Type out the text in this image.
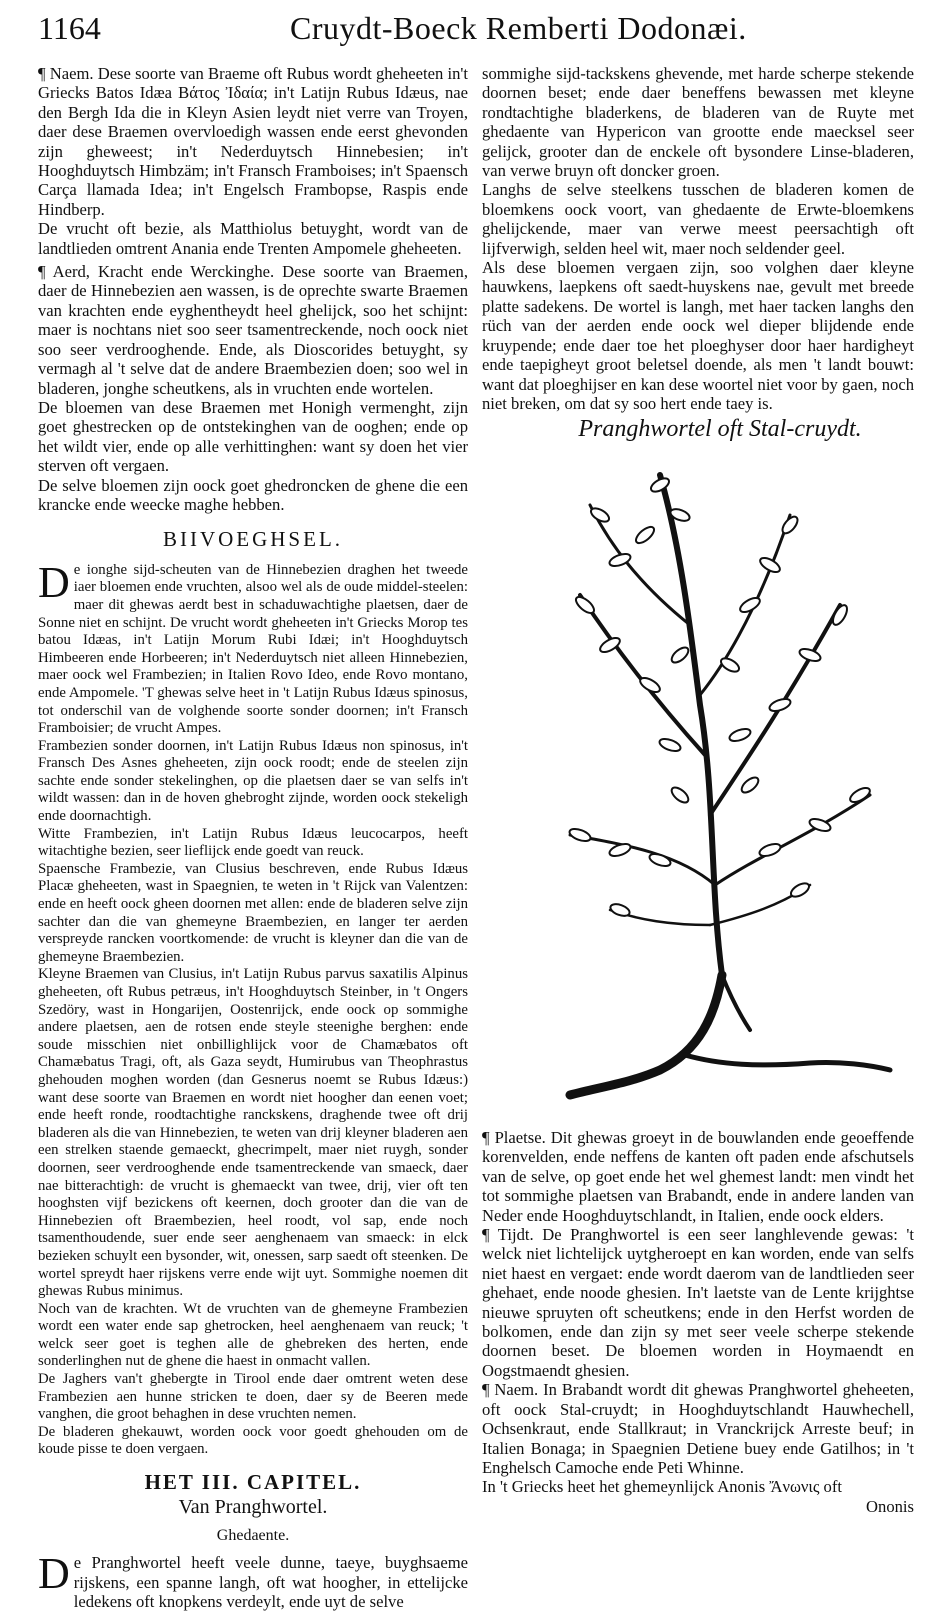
1164	Cruydt-Boeck Remberti Dodonæi.

¶ Naem. Dese soorte van Braeme oft Rubus wordt gheheeten in't Griecks Batos Idæa Βάτος Ἰδαία; in't Latijn Rubus Idæus, nae den Bergh Ida die in Kleyn Asien leydt niet verre van Troyen, daer dese Braemen overvloedigh wassen ende eerst ghevonden zijn gheweest; in't Nederduytsch Hinnebesien; in't Hooghduytsch Himbzäm; in't Fransch Framboises; in't Spaensch Carça llamada Idea; in't Engelsch Frambopse, Raspis ende Hindberp.

De vrucht oft bezie, als Matthiolus betuyght, wordt van de landtlieden omtrent Anania ende Trenten Ampomele gheheeten.

¶ Aerd, Kracht ende Werckinghe. Dese soorte van Braemen, daer de Hinnebezien aen wassen, is de oprechte swarte Braemen van krachten ende eyghentheydt heel ghelijck, soo het schijnt: maer is nochtans niet soo seer tsamentreckende, noch oock niet soo seer verdrooghende. Ende, als Dioscorides betuyght, sy vermagh al 't selve dat de andere Braembezien doen; soo wel in bladeren, jonghe scheutkens, als in vruchten ende wortelen.

De bloemen van dese Braemen met Honigh vermenght, zijn goet ghestrecken op de ontstekinghen van de ooghen; ende op het wildt vier, ende op alle verhittinghen: want sy doen het vier sterven oft vergaen.

De selve bloemen zijn oock goet ghedroncken de ghene die een krancke ende weecke maghe hebben.

BIIVOEGHSEL.

De ionghe sijd-scheuten van de Hinnebezien draghen het tweede iaer bloemen ende vruchten, alsoo wel als de oude middel-steelen: maer dit ghewas aerdt best in schaduwachtighe plaetsen, daer de Sonne niet en schijnt. De vrucht wordt gheheeten in't Griecks Morop tes batou Idæas, in't Latijn Morum Rubi Idæi; in't Hooghduytsch Himbeeren ende Horbeeren; in't Nederduytsch niet alleen Hinnebezien, maer oock wel Frambezien; in Italien Rovo Ideo, ende Rovo montano, ende Ampomele. 'T ghewas selve heet in 't Latijn Rubus Idæus spinosus, tot onderschil van de volghende soorte sonder doornen; in't Fransch Framboisier; de vrucht Ampes.

Frambezien sonder doornen, in't Latijn Rubus Idæus non spinosus, in't Fransch Des Asnes gheheeten, zijn oock roodt; ende de steelen zijn sachte ende sonder stekelinghen, op die plaetsen daer se van selfs in't wildt wassen: dan in de hoven ghebroght zijnde, worden oock stekeligh ende doornachtigh.

Witte Frambezien, in't Latijn Rubus Idæus leucocarpos, heeft witachtighe bezien, seer lieflijck ende goedt van reuck.

Spaensche Frambezie, van Clusius beschreven, ende Rubus Idæus Placæ gheheeten, wast in Spaegnien, te weten in 't Rijck van Valentzen: ende en heeft oock gheen doornen met allen: ende de bladeren selve zijn sachter dan die van ghemeyne Braembezien, en langer ter aerden verspreyde rancken voortkomende: de vrucht is kleyner dan die van de ghemeyne Braembezien.

Kleyne Braemen van Clusius, in't Latijn Rubus parvus saxatilis Alpinus gheheeten, oft Rubus petræus, in't Hooghduytsch Steinber, in 't Ongers Szedöry, wast in Hongarijen, Oostenrijck, ende oock op sommighe andere plaetsen, aen de rotsen ende steyle steenighe berghen: ende soude misschien niet onbillighlijck voor de Chamæbatos oft Chamæbatus Tragi, oft, als Gaza seydt, Humirubus van Theophrastus ghehouden moghen worden (dan Gesnerus noemt se Rubus Idæus:) want dese soorte van Braemen en wordt niet hoogher dan eenen voet; ende heeft ronde, roodtachtighe ranckskens, draghende twee oft drij bladeren als die van Hinnebezien, te weten van drij kleyner bladeren aen een strelken staende gemaeckt, ghecrimpelt, maer niet ruygh, sonder doornen, seer verdrooghende ende tsamentreckende van smaeck, daer nae bitterachtigh: de vrucht is ghemaeckt van twee, drij, vier oft ten hooghsten vijf bezickens oft keernen, doch grooter dan die van de Hinnebezien oft Braembezien, heel roodt, vol sap, ende noch tsamenthoudende, suer ende seer aenghenaem van smaeck: in elck bezieken schuylt een bysonder, wit, onessen, sarp saedt oft steenken. De wortel spreydt haer rijskens verre ende wijt uyt. Sommighe noemen dit ghewas Rubus minimus.

Noch van de krachten. Wt de vruchten van de ghemeyne Frambezien wordt een water ende sap ghetrocken, heel aenghenaem van reuck; 't welck seer goet is teghen alle de ghebreken des herten, ende sonderlinghen nut de ghene die haest in onmacht vallen.

De Jaghers van't ghebergte in Tirool ende daer omtrent weten dese Frambezien aen hunne stricken te doen, daer sy de Beeren mede vanghen, die groot behaghen in dese vruchten nemen.

De bladeren ghekauwt, worden oock voor goedt ghehouden om de koude pisse te doen vergaen.

HET III. CAPITEL.
Van Pranghwortel.
Ghedaente.

De Pranghwortel heeft veele dunne, taeye, buyghsaeme rijskens, een spanne langh, oft wat hoogher, in ettelijcke ledekens oft knopkens verdeylt, ende uyt de selve

sommighe sijd-tackskens ghevende, met harde scherpe stekende doornen beset; ende daer beneffens bewassen met kleyne rondtachtighe bladerkens, de bladeren van de Ruyte met ghedaente van Hypericon van grootte ende maecksel seer gelijck, grooter dan de enckele oft bysondere Linse-bladeren, van verwe bruyn oft doncker groen.

Langhs de selve steelkens tusschen de bladeren komen de bloemkens oock voort, van ghedaente de Erwte-bloemkens ghelijckende, maer van verwe meest peersachtigh oft lijfverwigh, selden heel wit, maer noch seldender geel.

Als dese bloemen vergaen zijn, soo volghen daer kleyne hauwkens, laepkens oft saedt-huyskens nae, gevult met breede platte sadekens. De wortel is langh, met haer tacken langhs den rüch van der aerden ende oock wel dieper blijdende ende kruypende; ende daer toe het ploeghyser door haer hardigheyt ende taepigheyt groot beletsel doende, als men 't landt bouwt: want dat ploeghijser en kan dese woortel niet voor by gaen, noch niet breken, om dat sy soo hert ende taey is.

Pranghwortel oft Stal-cruydt.

¶ Plaetse. Dit ghewas groeyt in de bouwlanden ende geoeffende korenvelden, ende neffens de kanten oft paden ende afschutsels van de selve, op goet ende het wel ghemest landt: men vindt het tot sommighe plaetsen van Brabandt, ende in andere landen van Neder ende Hooghduytschlandt, in Italien, ende oock elders.

¶ Tijdt. De Pranghwortel is een seer langhlevende gewas: 't welck niet lichtelijck uytgheroept en kan worden, ende van selfs niet haest en vergaet: ende wordt daerom van de landtlieden seer ghehaet, ende noode ghesien. In't laetste van de Lente krijghtse nieuwe spruyten oft scheutkens; ende in den Herfst worden de bolkomen, ende dan zijn sy met seer veele scherpe stekende doornen beset. De bloemen worden in Hoymaendt en Oogstmaendt ghesien.

¶ Naem. In Brabandt wordt dit ghewas Pranghwortel gheheeten, oft oock Stal-cruydt; in Hooghduytschlandt Hauwhechell, Ochsenkraut, ende Stallkraut; in Vranckrijck Arreste beuf; in Italien Bonaga; in Spaegnien Detiene buey ende Gatilhos; in 't Enghelsch Camoche ende Peti Whinne.

In 't Griecks heet het ghemeynlijck Anonis Ἄνωνις oft

Ononis
